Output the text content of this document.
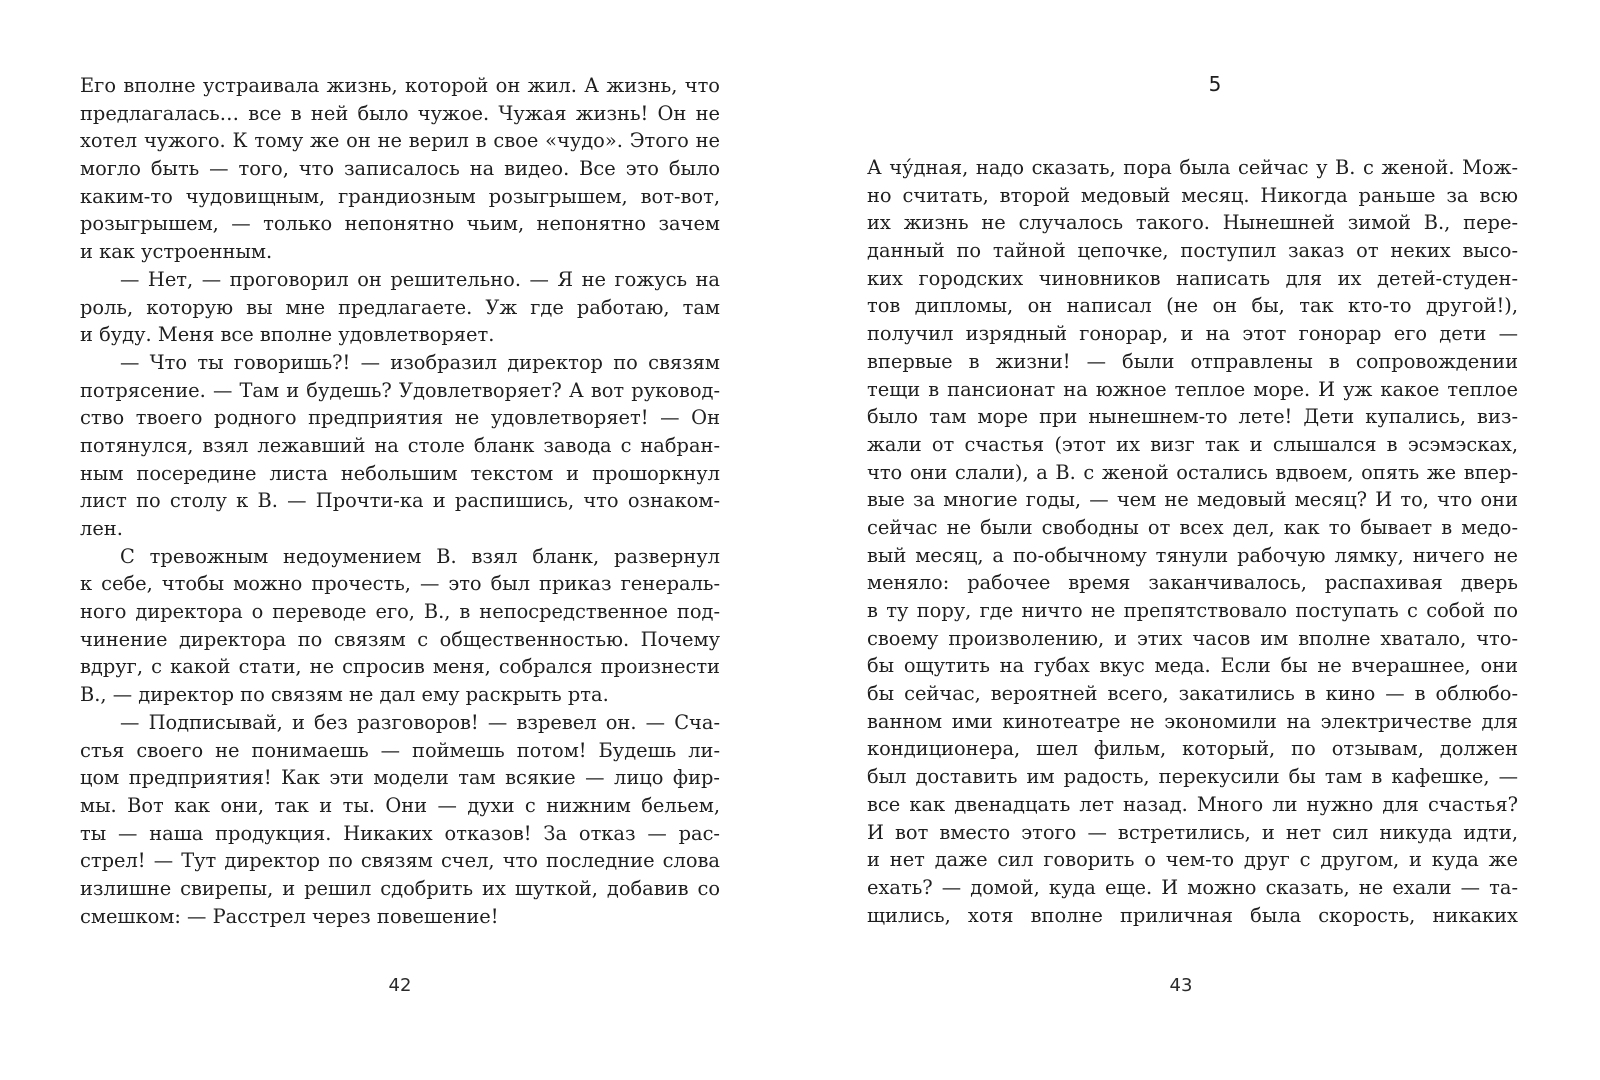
Его вполне устраивала жизнь, которой он жил. А жизнь, что
предлагалась… все в ней было чужое. Чужая жизнь! Он не
хотел чужого. К тому же он не верил в свое «чудо». Этого не
могло быть — того, что записалось на видео. Все это было
каким-то чудовищным, грандиозным розыгрышем, вот-вот,
розыгрышем, — только непонятно чьим, непонятно зачем
и как устроенным.
— Нет, — проговорил он решительно. — Я не гожусь на
роль, которую вы мне предлагаете. Уж где работаю, там
и буду. Меня все вполне удовлетворяет.
— Что ты говоришь?! — изобразил директор по связям
потрясение. — Там и будешь? Удовлетворяет? А вот руковод-
ство твоего родного предприятия не удовлетворяет! — Он
потянулся, взял лежавший на столе бланк завода с набран-
ным посередине листа небольшим текстом и прошоркнул
лист по столу к В. — Прочти-ка и распишись, что ознаком-
лен.
С тревожным недоумением В. взял бланк, развернул
к себе, чтобы можно прочесть, — это был приказ генераль-
ного директора о переводе его, В., в непосредственное под-
чинение директора по связям с общественностью. Почему
вдруг, с какой стати, не спросив меня, собрался произнести
В., — директор по связям не дал ему раскрыть рта.
— Подписывай, и без разговоров! — взревел он. — Сча-
стья своего не понимаешь — поймешь потом! Будешь ли-
цом предприятия! Как эти модели там всякие — лицо фир-
мы. Вот как они, так и ты. Они — духи с нижним бельем,
ты — наша продукция. Никаких отказов! За отказ — рас-
стрел! — Тут директор по связям счел, что последние слова
излишне свирепы, и решил сдобрить их шуткой, добавив со
смешком: — Расстрел через повешение!
42
5
А чу́дная, надо сказать, пора была сейчас у В. с женой. Мож-
но считать, второй медовый месяц. Никогда раньше за всю
их жизнь не случалось такого. Нынешней зимой В., пере-
данный по тайной цепочке, поступил заказ от неких высо-
ких городских чиновников написать для их детей-студен-
тов дипломы, он написал (не он бы, так кто-то другой!),
получил изрядный гонорар, и на этот гонорар его дети —
впервые в жизни! — были отправлены в сопровождении
тещи в пансионат на южное теплое море. И уж какое теплое
было там море при нынешнем-то лете! Дети купались, виз-
жали от счастья (этот их визг так и слышался в эсэмэсках,
что они слали), а В. с женой остались вдвоем, опять же впер-
вые за многие годы, — чем не медовый месяц? И то, что они
сейчас не были свободны от всех дел, как то бывает в медо-
вый месяц, а по-обычному тянули рабочую лямку, ничего не
меняло: рабочее время заканчивалось, распахивая дверь
в ту пору, где ничто не препятствовало поступать с собой по
своему произволению, и этих часов им вполне хватало, что-
бы ощутить на губах вкус меда. Если бы не вчерашнее, они
бы сейчас, вероятней всего, закатились в кино — в облюбо-
ванном ими кинотеатре не экономили на электричестве для
кондиционера, шел фильм, который, по отзывам, должен
был доставить им радость, перекусили бы там в кафешке, —
все как двенадцать лет назад. Много ли нужно для счастья?
И вот вместо этого — встретились, и нет сил никуда идти,
и нет даже сил говорить о чем-то друг с другом, и куда же
ехать? — домой, куда еще. И можно сказать, не ехали — та-
щились, хотя вполне приличная была скорость, никаких
43
